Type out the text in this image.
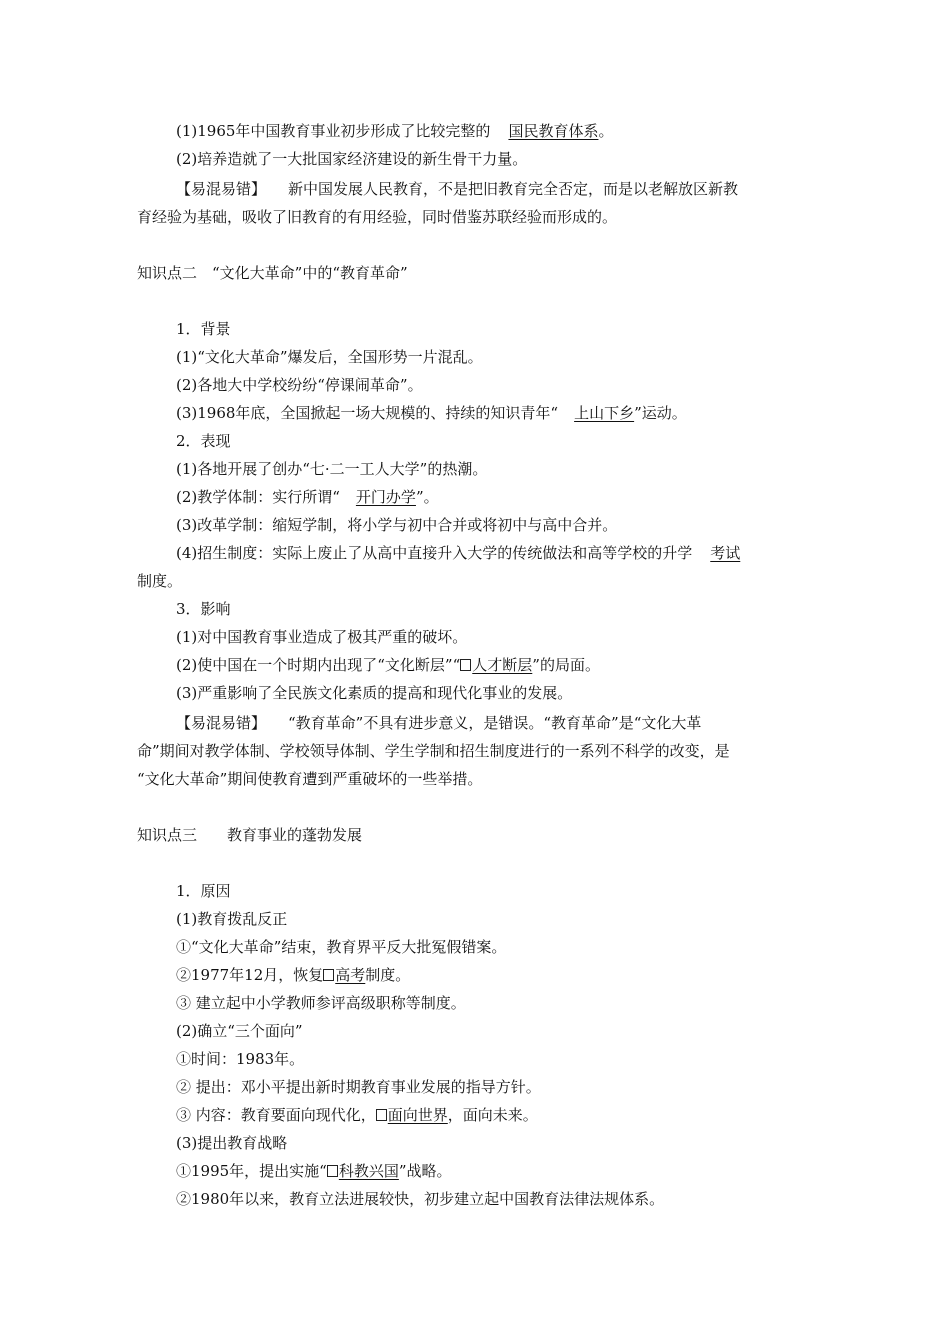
(1)1965年中国教育事业初步形成了比较完整的 国民教育体系。
(2)培养造就了一大批国家经济建设的新生骨干力量。
【易混易错】 新中国发展人民教育，不是把旧教育完全否定，而是以老解放区新教
育经验为基础，吸收了旧教育的有用经验，同时借鉴苏联经验而形成的。
知识点二　“文化大革命”中的“教育革命”
1．背景
(1)“文化大革命”爆发后，全国形势一片混乱。
(2)各地大中学校纷纷“停课闹革命”。
(3)1968年底，全国掀起一场大规模的、持续的知识青年“ 上山下乡”运动。
2．表现
(1)各地开展了创办“七·二一工人大学”的热潮。
(2)教学体制：实行所谓“ 开门办学”。
(3)改革学制：缩短学制，将小学与初中合并或将初中与高中合并。
(4)招生制度：实际上废止了从高中直接升入大学的传统做法和高等学校的升学 考试
制度。
3．影响
(1)对中国教育事业造成了极其严重的破坏。
(2)使中国在一个时期内出现了“文化断层”“ 人才断层”的局面。
(3)严重影响了全民族文化素质的提高和现代化事业的发展。
【易混易错】 “教育革命”不具有进步意义，是错误。“教育革命”是“文化大革
命”期间对教学体制、学校领导体制、学生学制和招生制度进行的一系列不科学的改变，是
“文化大革命”期间使教育遭到严重破坏的一些举措。
知识点三　　教育事业的蓬勃发展
1．原因
(1)教育拨乱反正
①“文化大革命”结束，教育界平反大批冤假错案。
②1977年12月，恢复 高考制度。
③ 建立起中小学教师参评高级职称等制度。
(2)确立“三个面向”
①时间：1983年。
② 提出：邓小平提出新时期教育事业发展的指导方针。
③ 内容：教育要面向现代化， 面向世界，面向未来。
(3)提出教育战略
①1995年，提出实施“ 科教兴国”战略。
②1980年以来，教育立法进展较快，初步建立起中国教育法律法规体系。
